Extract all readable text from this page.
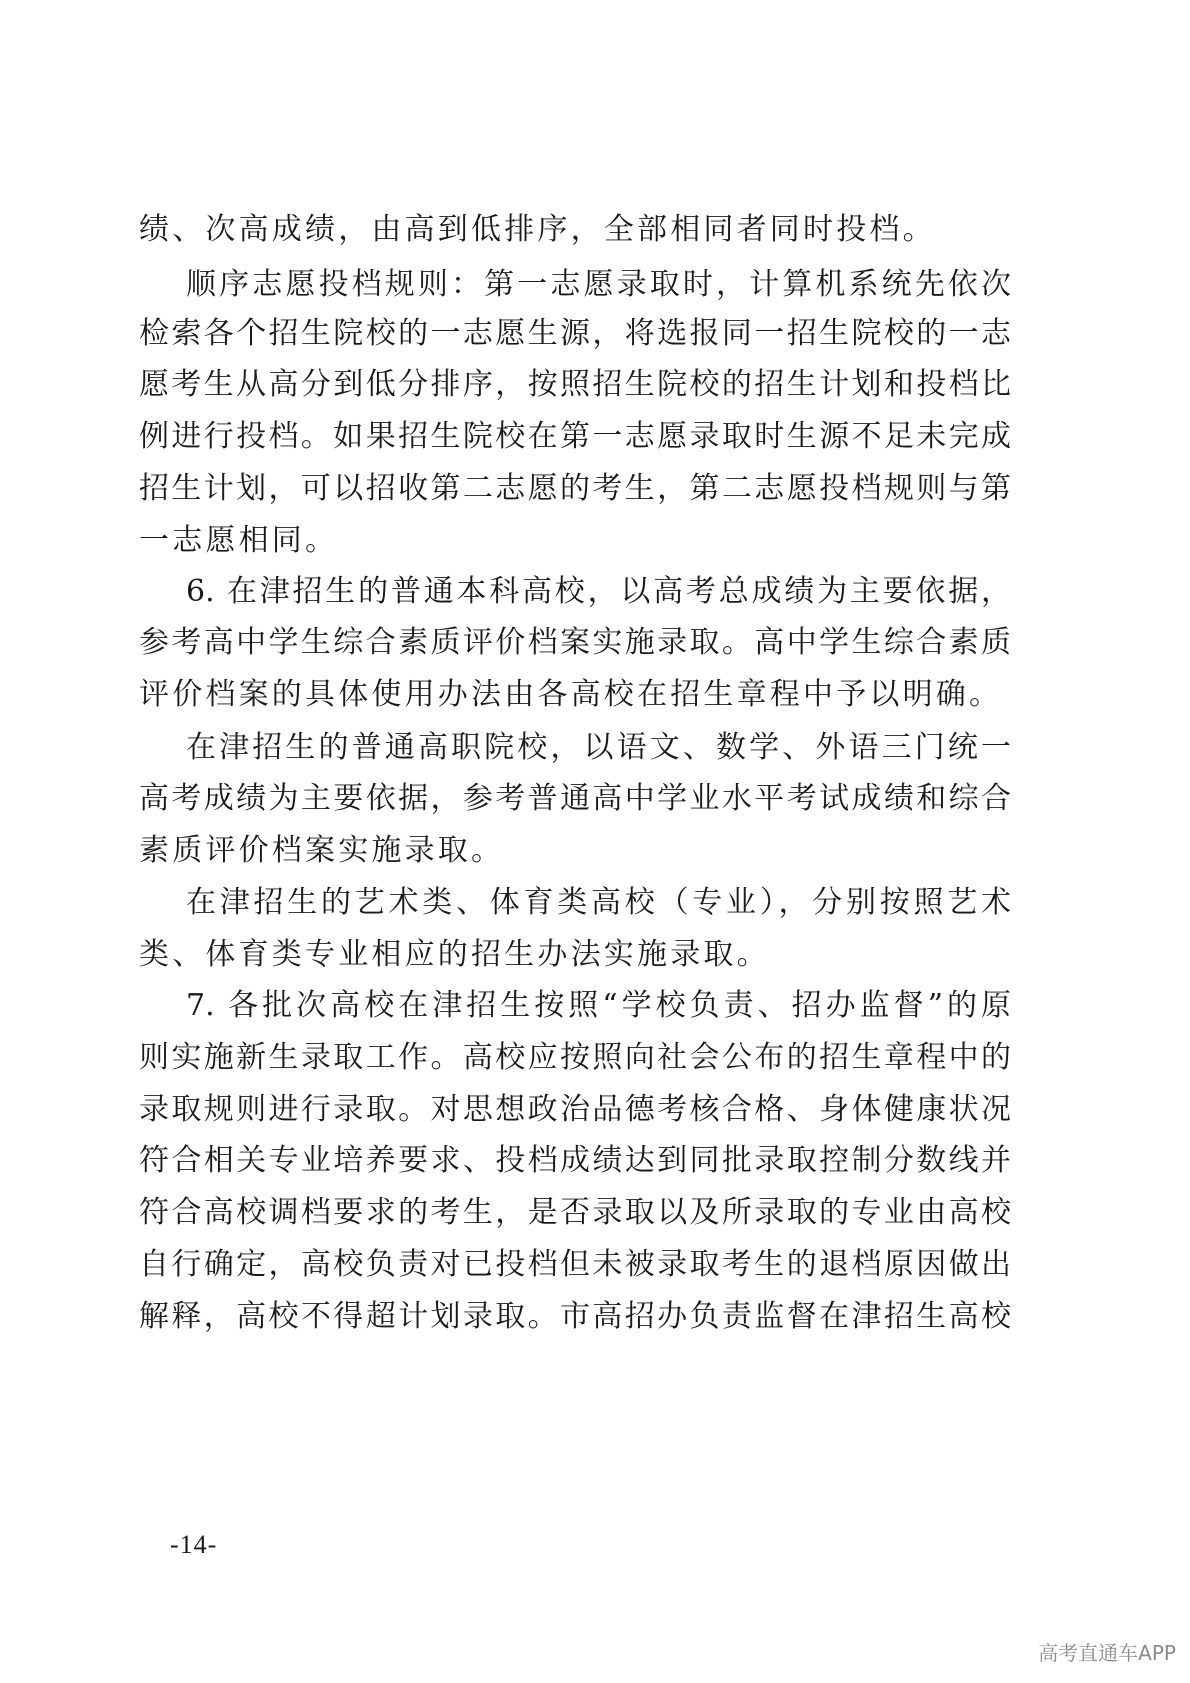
绩、次高成绩，由高到低排序，全部相同者同时投档。
顺序志愿投档规则：第一志愿录取时，计算机系统先依次
检索各个招生院校的一志愿生源，将选报同一招生院校的一志
愿考生从高分到低分排序，按照招生院校的招生计划和投档比
例进行投档。如果招生院校在第一志愿录取时生源不足未完成
招生计划，可以招收第二志愿的考生，第二志愿投档规则与第
一志愿相同。
6. 在津招生的普通本科高校，以高考总成绩为主要依据，
参考高中学生综合素质评价档案实施录取。高中学生综合素质
评价档案的具体使用办法由各高校在招生章程中予以明确。
在津招生的普通高职院校，以语文、数学、外语三门统一
高考成绩为主要依据，参考普通高中学业水平考试成绩和综合
素质评价档案实施录取。
在津招生的艺术类、体育类高校（专业），分别按照艺术
类、体育类专业相应的招生办法实施录取。
7. 各批次高校在津招生按照“学校负责、招办监督”的原
则实施新生录取工作。高校应按照向社会公布的招生章程中的
录取规则进行录取。对思想政治品德考核合格、身体健康状况
符合相关专业培养要求、投档成绩达到同批录取控制分数线并
符合高校调档要求的考生，是否录取以及所录取的专业由高校
自行确定，高校负责对已投档但未被录取考生的退档原因做出
解释，高校不得超计划录取。市高招办负责监督在津招生高校
-14-
高考直通车APP
